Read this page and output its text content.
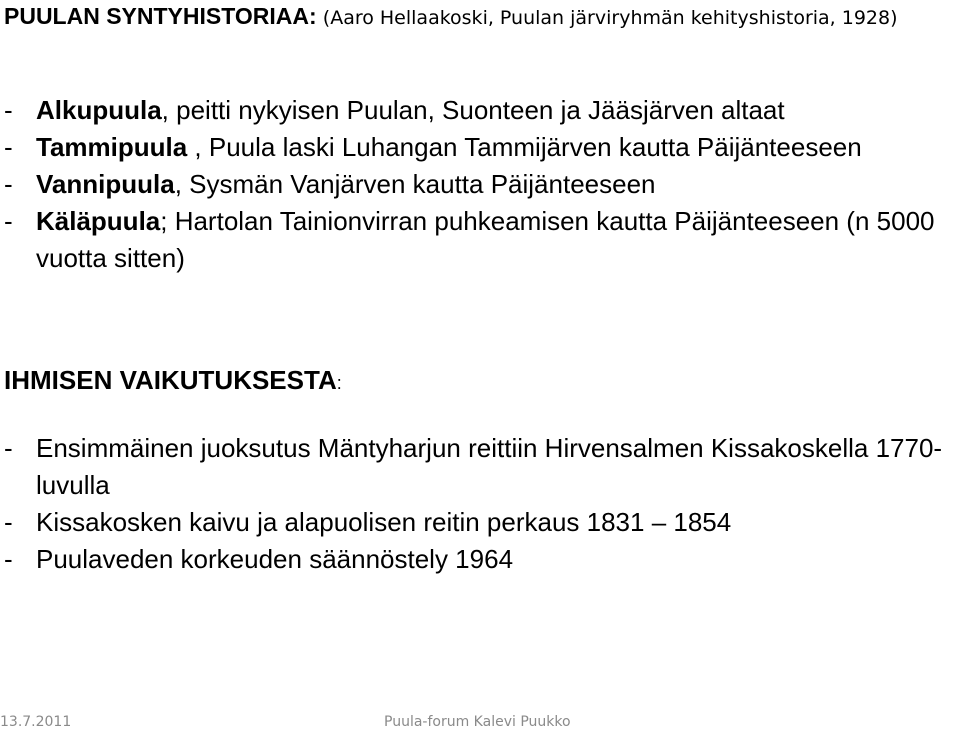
PUULAN SYNTYHISTORIAA: (Aaro Hellaakoski, Puulan järviryhmän kehityshistoria, 1928)
- Alkupuula, peitti nykyisen Puulan, Suonteen ja Jääsjärven altaat
- Tammipuula , Puula laski Luhangan Tammijärven kautta Päijänteeseen
- Vannipuula, Sysmän Vanjärven kautta Päijänteeseen
- Käläpuula; Hartolan Tainionvirran puhkeamisen kautta Päijänteeseen (n 5000 vuotta sitten)
IHMISEN VAIKUTUKSESTA:
- Ensimmäinen juoksutus Mäntyharjun reittiin Hirvensalmen Kissakoskella 1770-luvulla
- Kissakosken kaivu ja alapuolisen reitin perkaus 1831 – 1854
- Puulaveden korkeuden säännöstely 1964
13.7.2011	Puula-forum Kalevi Puukko
